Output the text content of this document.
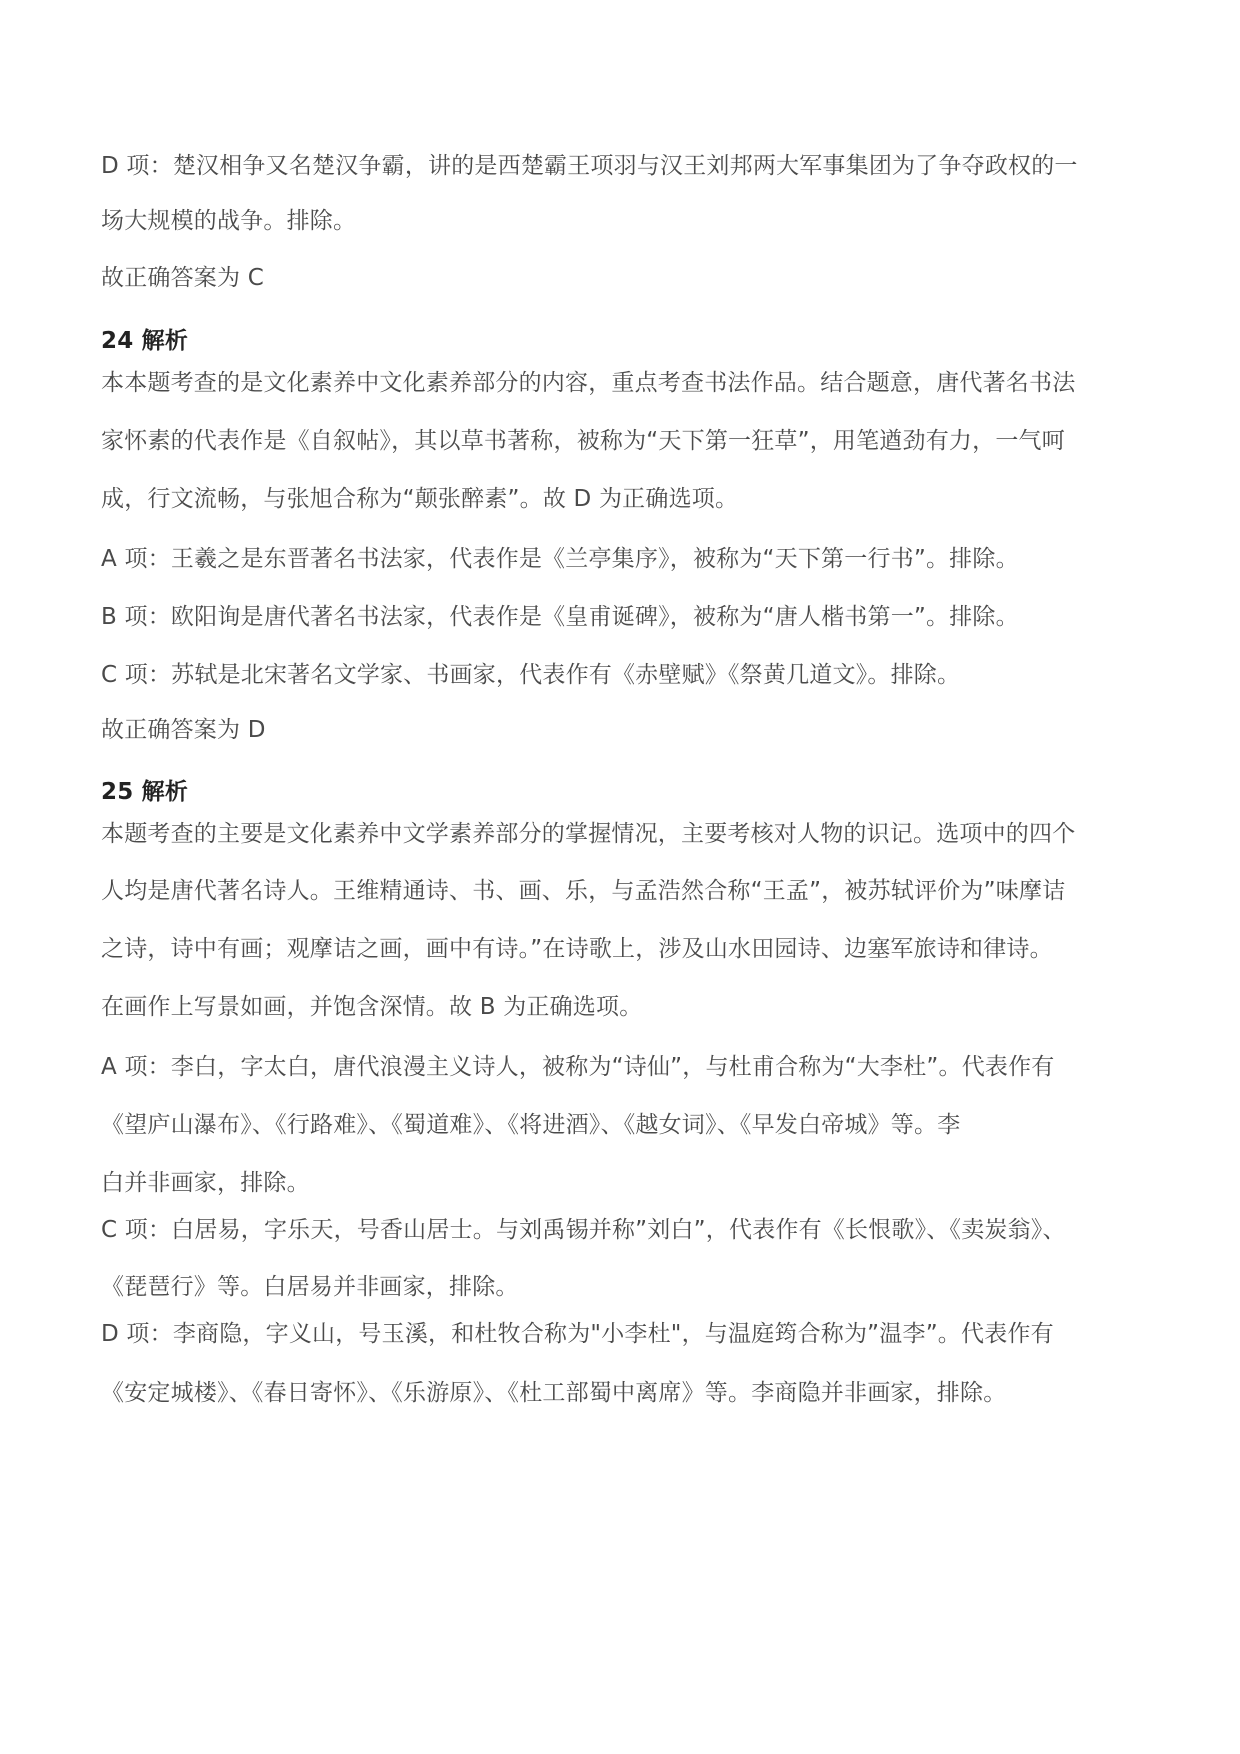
D 项：楚汉相争又名楚汉争霸，讲的是西楚霸王项羽与汉王刘邦两大军事集团为了争夺政权的一
场大规模的战争。排除。
故正确答案为 C
24 解析
本本题考查的是文化素养中文化素养部分的内容，重点考查书法作品。结合题意，唐代著名书法
家怀素的代表作是《自叙帖》，其以草书著称，被称为“天下第一狂草”，用笔遒劲有力，一气呵
成，行文流畅，与张旭合称为“颠张醉素”。故 D 为正确选项。
A 项：王羲之是东晋著名书法家，代表作是《兰亭集序》，被称为“天下第一行书”。排除。
B 项：欧阳询是唐代著名书法家，代表作是《皇甫诞碑》，被称为“唐人楷书第一”。排除。
C 项：苏轼是北宋著名文学家、书画家，代表作有《赤壁赋》《祭黄几道文》。排除。
故正确答案为 D
25 解析
本题考查的主要是文化素养中文学素养部分的掌握情况，主要考核对人物的识记。选项中的四个
人均是唐代著名诗人。王维精通诗、书、画、乐，与孟浩然合称“王孟”，被苏轼评价为”味摩诘
之诗，诗中有画；观摩诘之画，画中有诗。”在诗歌上，涉及山水田园诗、边塞军旅诗和律诗。
在画作上写景如画，并饱含深情。故 B 为正确选项。
A 项：李白，字太白，唐代浪漫主义诗人，被称为“诗仙”，与杜甫合称为“大李杜”。代表作有
《望庐山瀑布》、《行路难》、《蜀道难》、《将进酒》、《越女词》、《早发白帝城》等。李
白并非画家，排除。
C 项：白居易，字乐天，号香山居士。与刘禹锡并称”刘白”，代表作有《长恨歌》、《卖炭翁》、
《琵琶行》等。白居易并非画家，排除。
D 项：李商隐，字义山，号玉溪，和杜牧合称为"小李杜"，与温庭筠合称为”温李”。代表作有
《安定城楼》、《春日寄怀》、《乐游原》、《杜工部蜀中离席》等。李商隐并非画家，排除。
